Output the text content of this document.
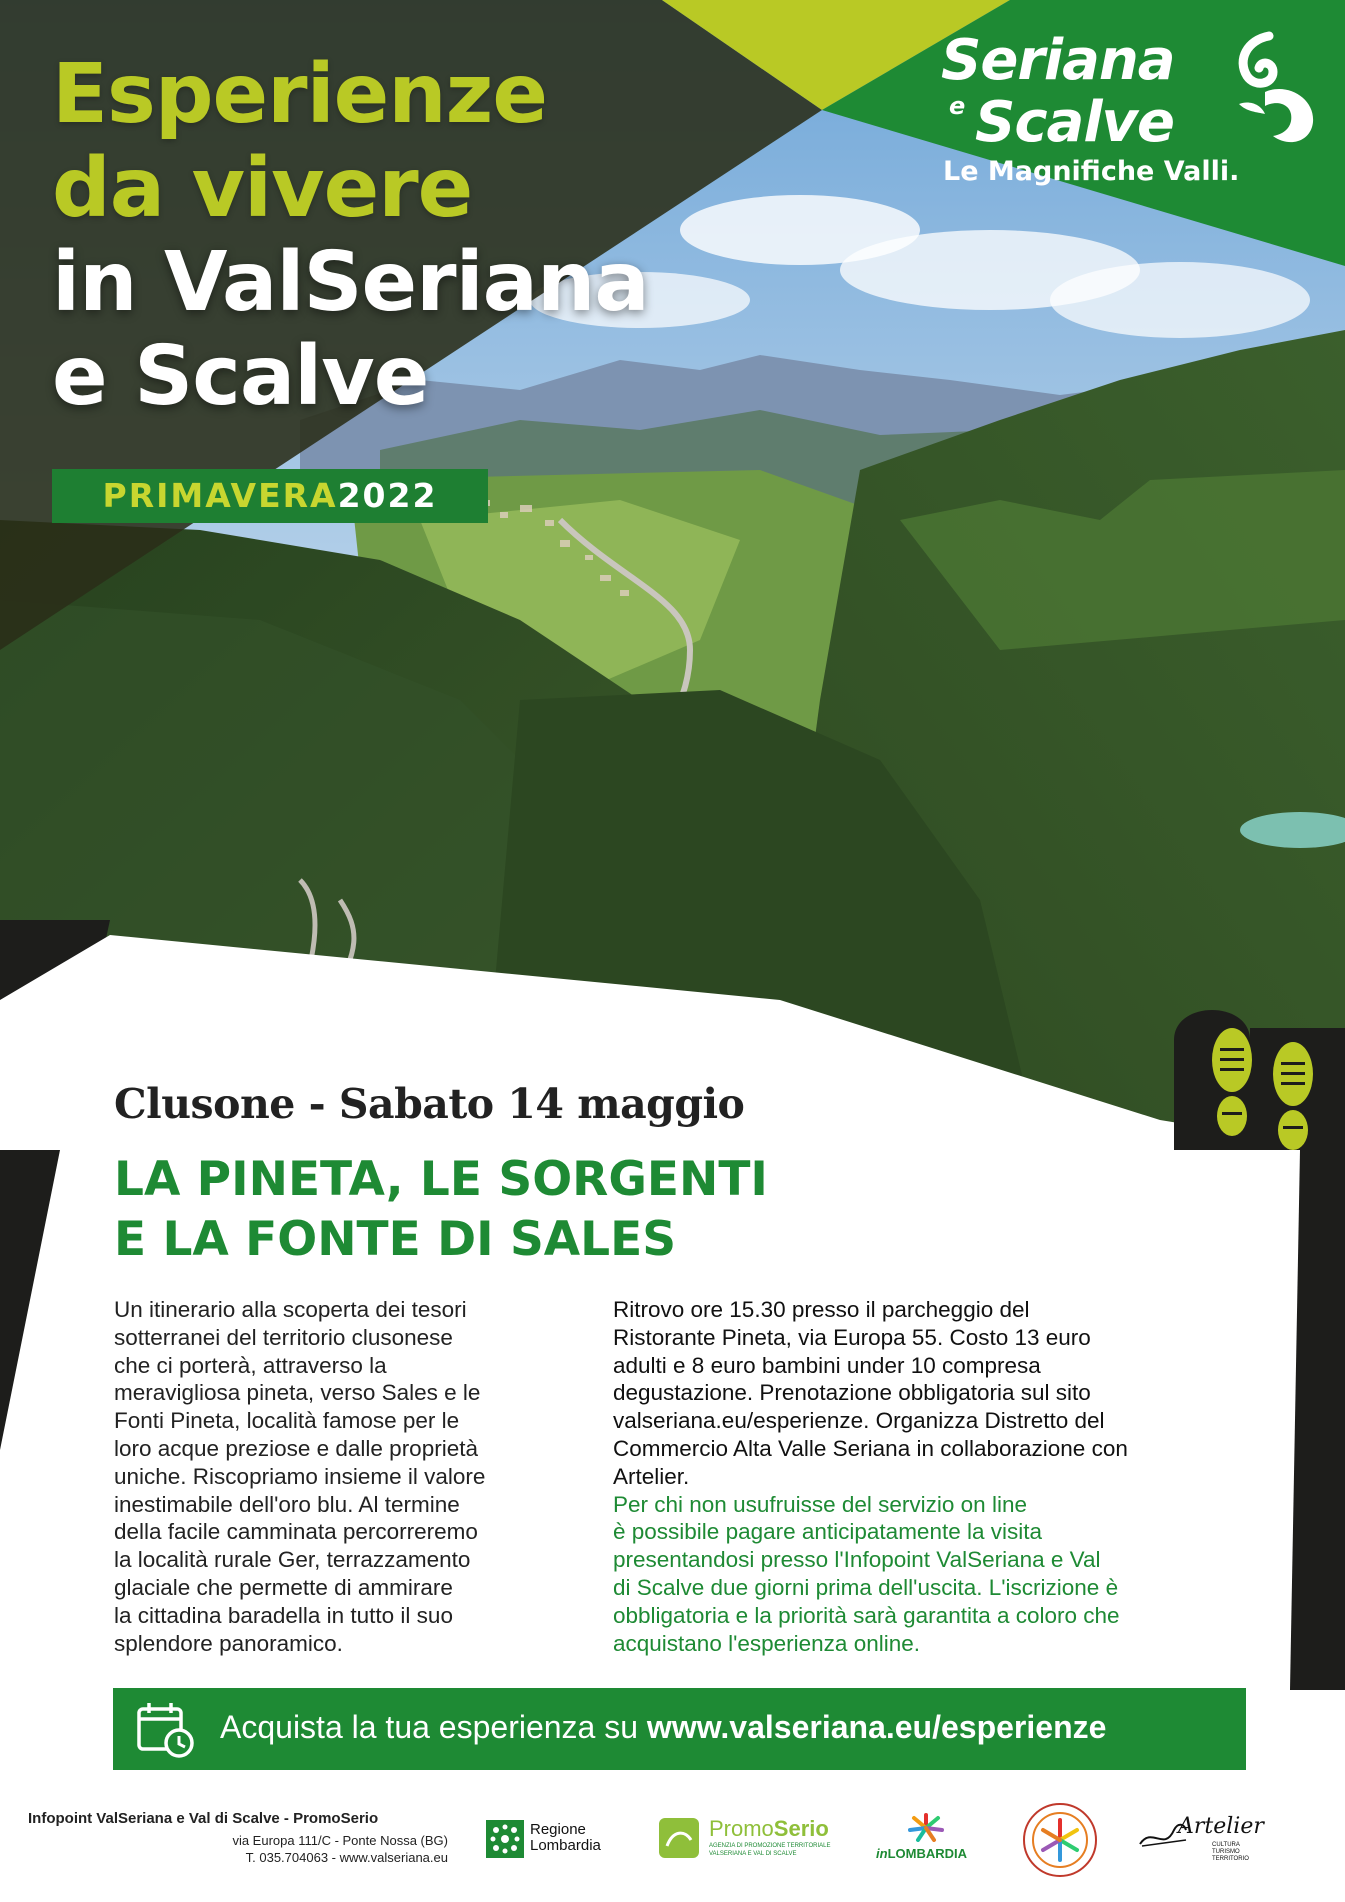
Esperienze
da vivere
in ValSeriana
e Scalve
PRIMAVERA2022
Seriana
e Scalve
Le Magnifiche Valli.
Clusone - Sabato 14 maggio
LA PINETA, LE SORGENTI
E LA FONTE DI SALES
Un itinerario alla scoperta dei tesori
sotterranei del territorio clusonese
che ci porterà, attraverso la
meravigliosa pineta, verso Sales e le
Fonti Pineta, località famose per le
loro acque preziose e dalle proprietà
uniche. Riscopriamo insieme il valore
inestimabile dell'oro blu. Al termine
della facile camminata percorreremo
la località rurale Ger, terrazzamento
glaciale che permette di ammirare
la cittadina baradella in tutto il suo
splendore panoramico.
Ritrovo ore 15.30 presso il parcheggio del
Ristorante Pineta, via Europa 55. Costo 13 euro
adulti e 8 euro bambini under 10 compresa
degustazione. Prenotazione obbligatoria sul sito
valseriana.eu/esperienze. Organizza Distretto del
Commercio Alta Valle Seriana in collaborazione con
Artelier.
Per chi non usufruisse del servizio on line
è possibile pagare anticipatamente la visita
presentandosi presso l'Infopoint ValSeriana e Val
di Scalve due giorni prima dell'uscita. L'iscrizione è
obbligatoria e la priorità sarà garantita a coloro che
acquistano l'esperienza online.
Acquista la tua esperienza su www.valseriana.eu/esperienze
Infopoint ValSeriana e Val di Scalve - PromoSerio
via Europa 111/C - Ponte Nossa (BG)
T. 035.704063 - www.valseriana.eu
Regione
Lombardia
PromoSerio
AGENZIA DI PROMOZIONE TERRITORIALE
VALSERIANA E VAL DI SCALVE	inLOMBARDIA
Artelier
CULTURA
TURISMO
TERRITORIO
